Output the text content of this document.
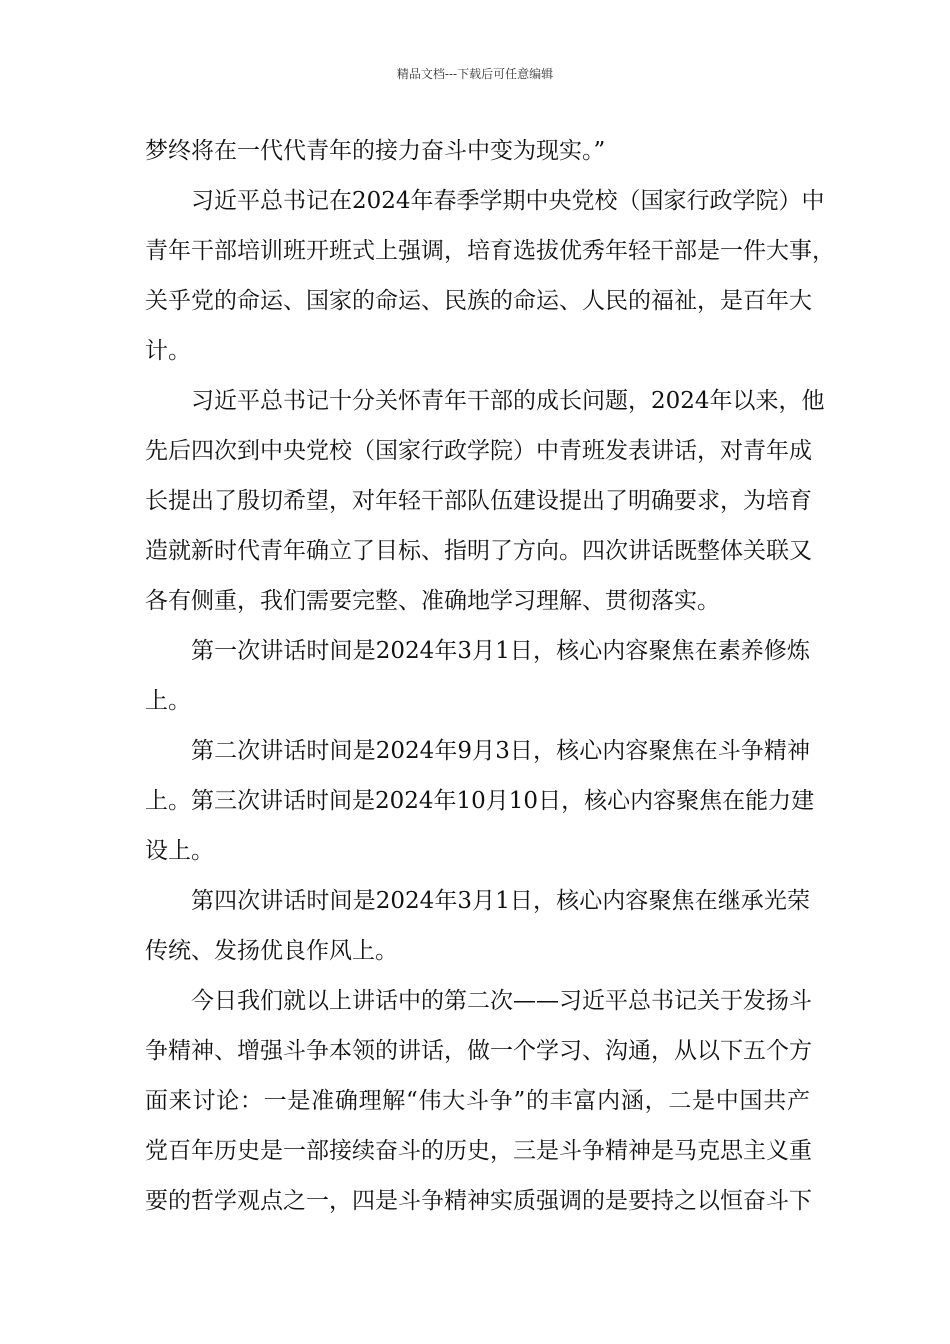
精品文档---下载后可任意编辑
梦终将在一代代青年的接力奋斗中变为现实。”
习近平总书记在2024年春季学期中央党校（国家行政学院）中
青年干部培训班开班式上强调，培育选拔优秀年轻干部是一件大事，
关乎党的命运、国家的命运、民族的命运、人民的福祉，是百年大
计。
习近平总书记十分关怀青年干部的成长问题，2024年以来，他
先后四次到中央党校（国家行政学院）中青班发表讲话，对青年成
长提出了殷切希望，对年轻干部队伍建设提出了明确要求，为培育
造就新时代青年确立了目标、指明了方向。四次讲话既整体关联又
各有侧重，我们需要完整、准确地学习理解、贯彻落实。
第一次讲话时间是2024年3月1日，核心内容聚焦在素养修炼
上。
第二次讲话时间是2024年9月3日，核心内容聚焦在斗争精神
上。第三次讲话时间是2024年10月10日，核心内容聚焦在能力建
设上。
第四次讲话时间是2024年3月1日，核心内容聚焦在继承光荣
传统、发扬优良作风上。
今日我们就以上讲话中的第二次——习近平总书记关于发扬斗
争精神、增强斗争本领的讲话，做一个学习、沟通，从以下五个方
面来讨论：一是准确理解“伟大斗争”的丰富内涵，二是中国共产
党百年历史是一部接续奋斗的历史，三是斗争精神是马克思主义重
要的哲学观点之一，四是斗争精神实质强调的是要持之以恒奋斗下
